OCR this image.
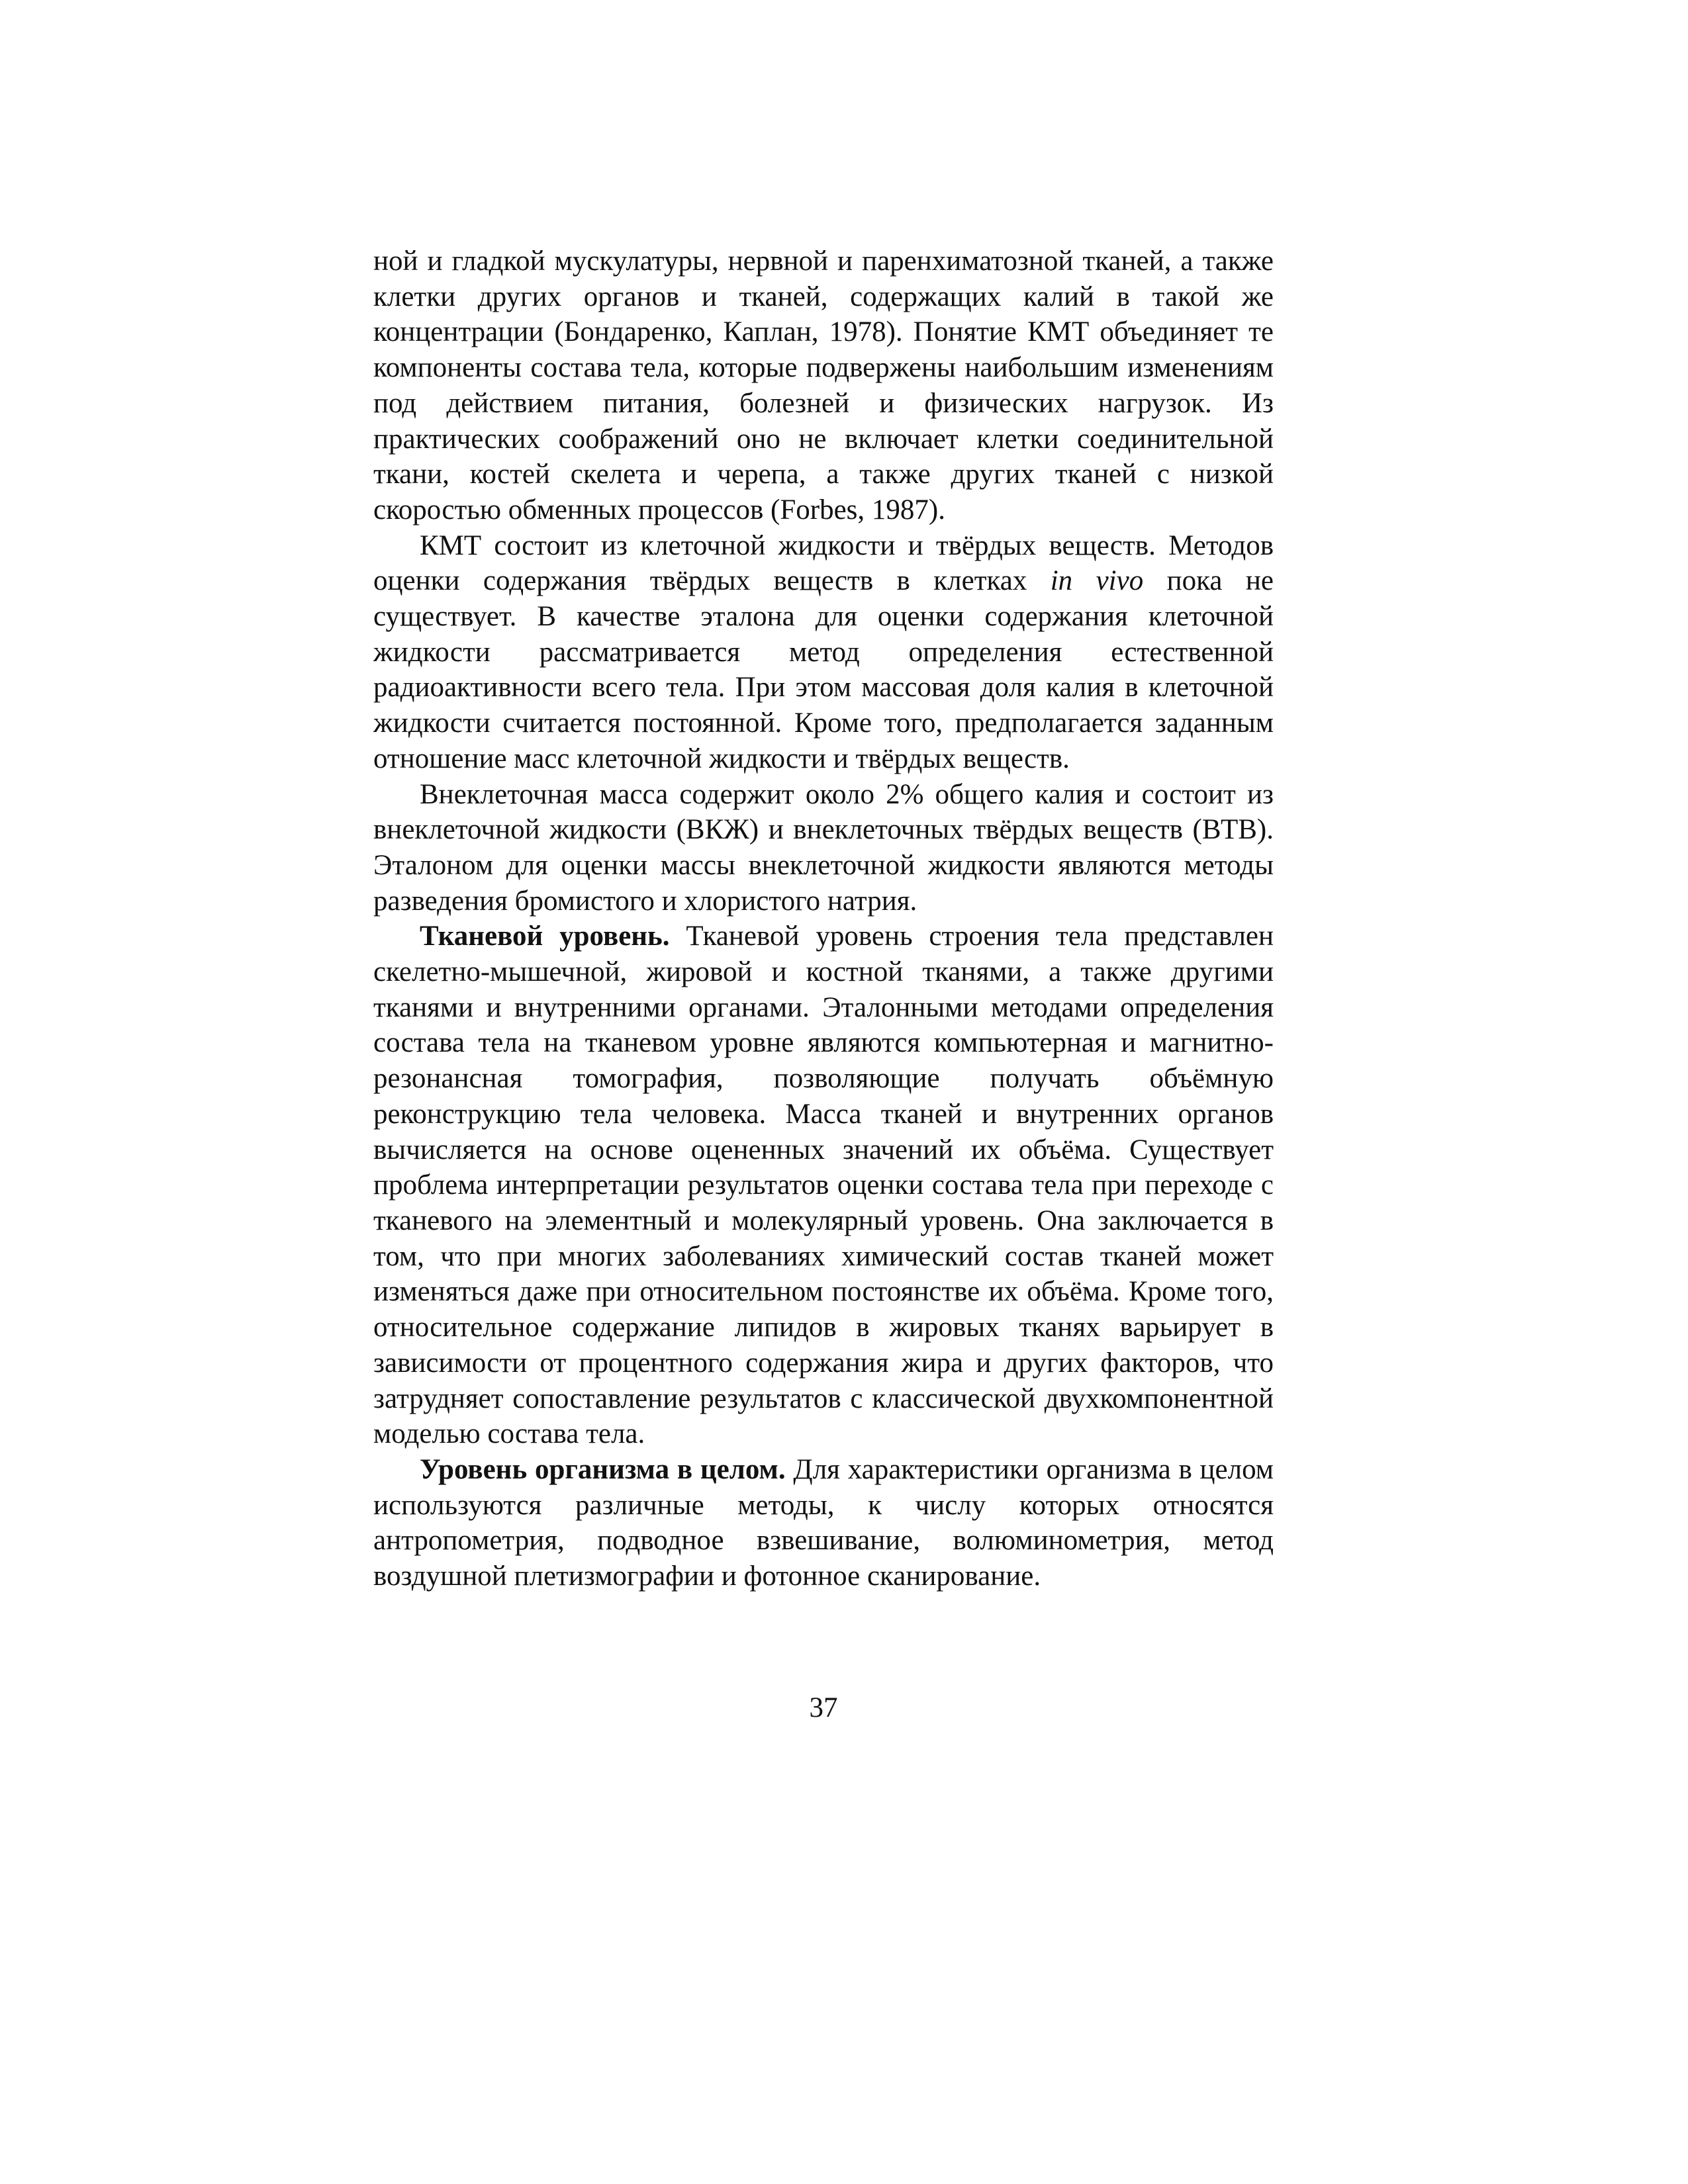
ной и гладкой мускулатуры, нервной и паренхиматозной тканей, а также клетки других органов и тканей, содержащих калий в такой же концентрации (Бондаренко, Каплан, 1978). Понятие КМТ объединяет те компоненты состава тела, которые подвержены наибольшим изменениям под действием питания, болезней и физических нагрузок. Из практических соображений оно не включает клетки соединительной ткани, костей скелета и черепа, а также других тканей с низкой скоростью обменных процессов (Forbes, 1987).

КМТ состоит из клеточной жидкости и твёрдых веществ. Методов оценки содержания твёрдых веществ в клетках in vivo пока не существует. В качестве эталона для оценки содержания клеточной жидкости рассматривается метод определения естественной радиоактивности всего тела. При этом массовая доля калия в клеточной жидкости считается постоянной. Кроме того, предполагается заданным отношение масс клеточной жидкости и твёрдых веществ.

Внеклеточная масса содержит около 2% общего калия и состоит из внеклеточной жидкости (ВКЖ) и внеклеточных твёрдых веществ (ВТВ). Эталоном для оценки массы внеклеточной жидкости являются методы разведения бромистого и хлористого натрия.

Тканевой уровень. Тканевой уровень строения тела представлен скелетно-мышечной, жировой и костной тканями, а также другими тканями и внутренними органами. Эталонными методами определения состава тела на тканевом уровне являются компьютерная и магнитно-резонансная томография, позволяющие получать объёмную реконструкцию тела человека. Масса тканей и внутренних органов вычисляется на основе оцененных значений их объёма. Существует проблема интерпретации результатов оценки состава тела при переходе с тканевого на элементный и молекулярный уровень. Она заключается в том, что при многих заболеваниях химический состав тканей может изменяться даже при относительном постоянстве их объёма. Кроме того, относительное содержание липидов в жировых тканях варьирует в зависимости от процентного содержания жира и других факторов, что затрудняет сопоставление результатов с классической двухкомпонентной моделью состава тела.

Уровень организма в целом. Для характеристики организма в целом используются различные методы, к числу которых относятся антропометрия, подводное взвешивание, волюминометрия, метод воздушной плетизмографии и фотонное сканирование.

37
